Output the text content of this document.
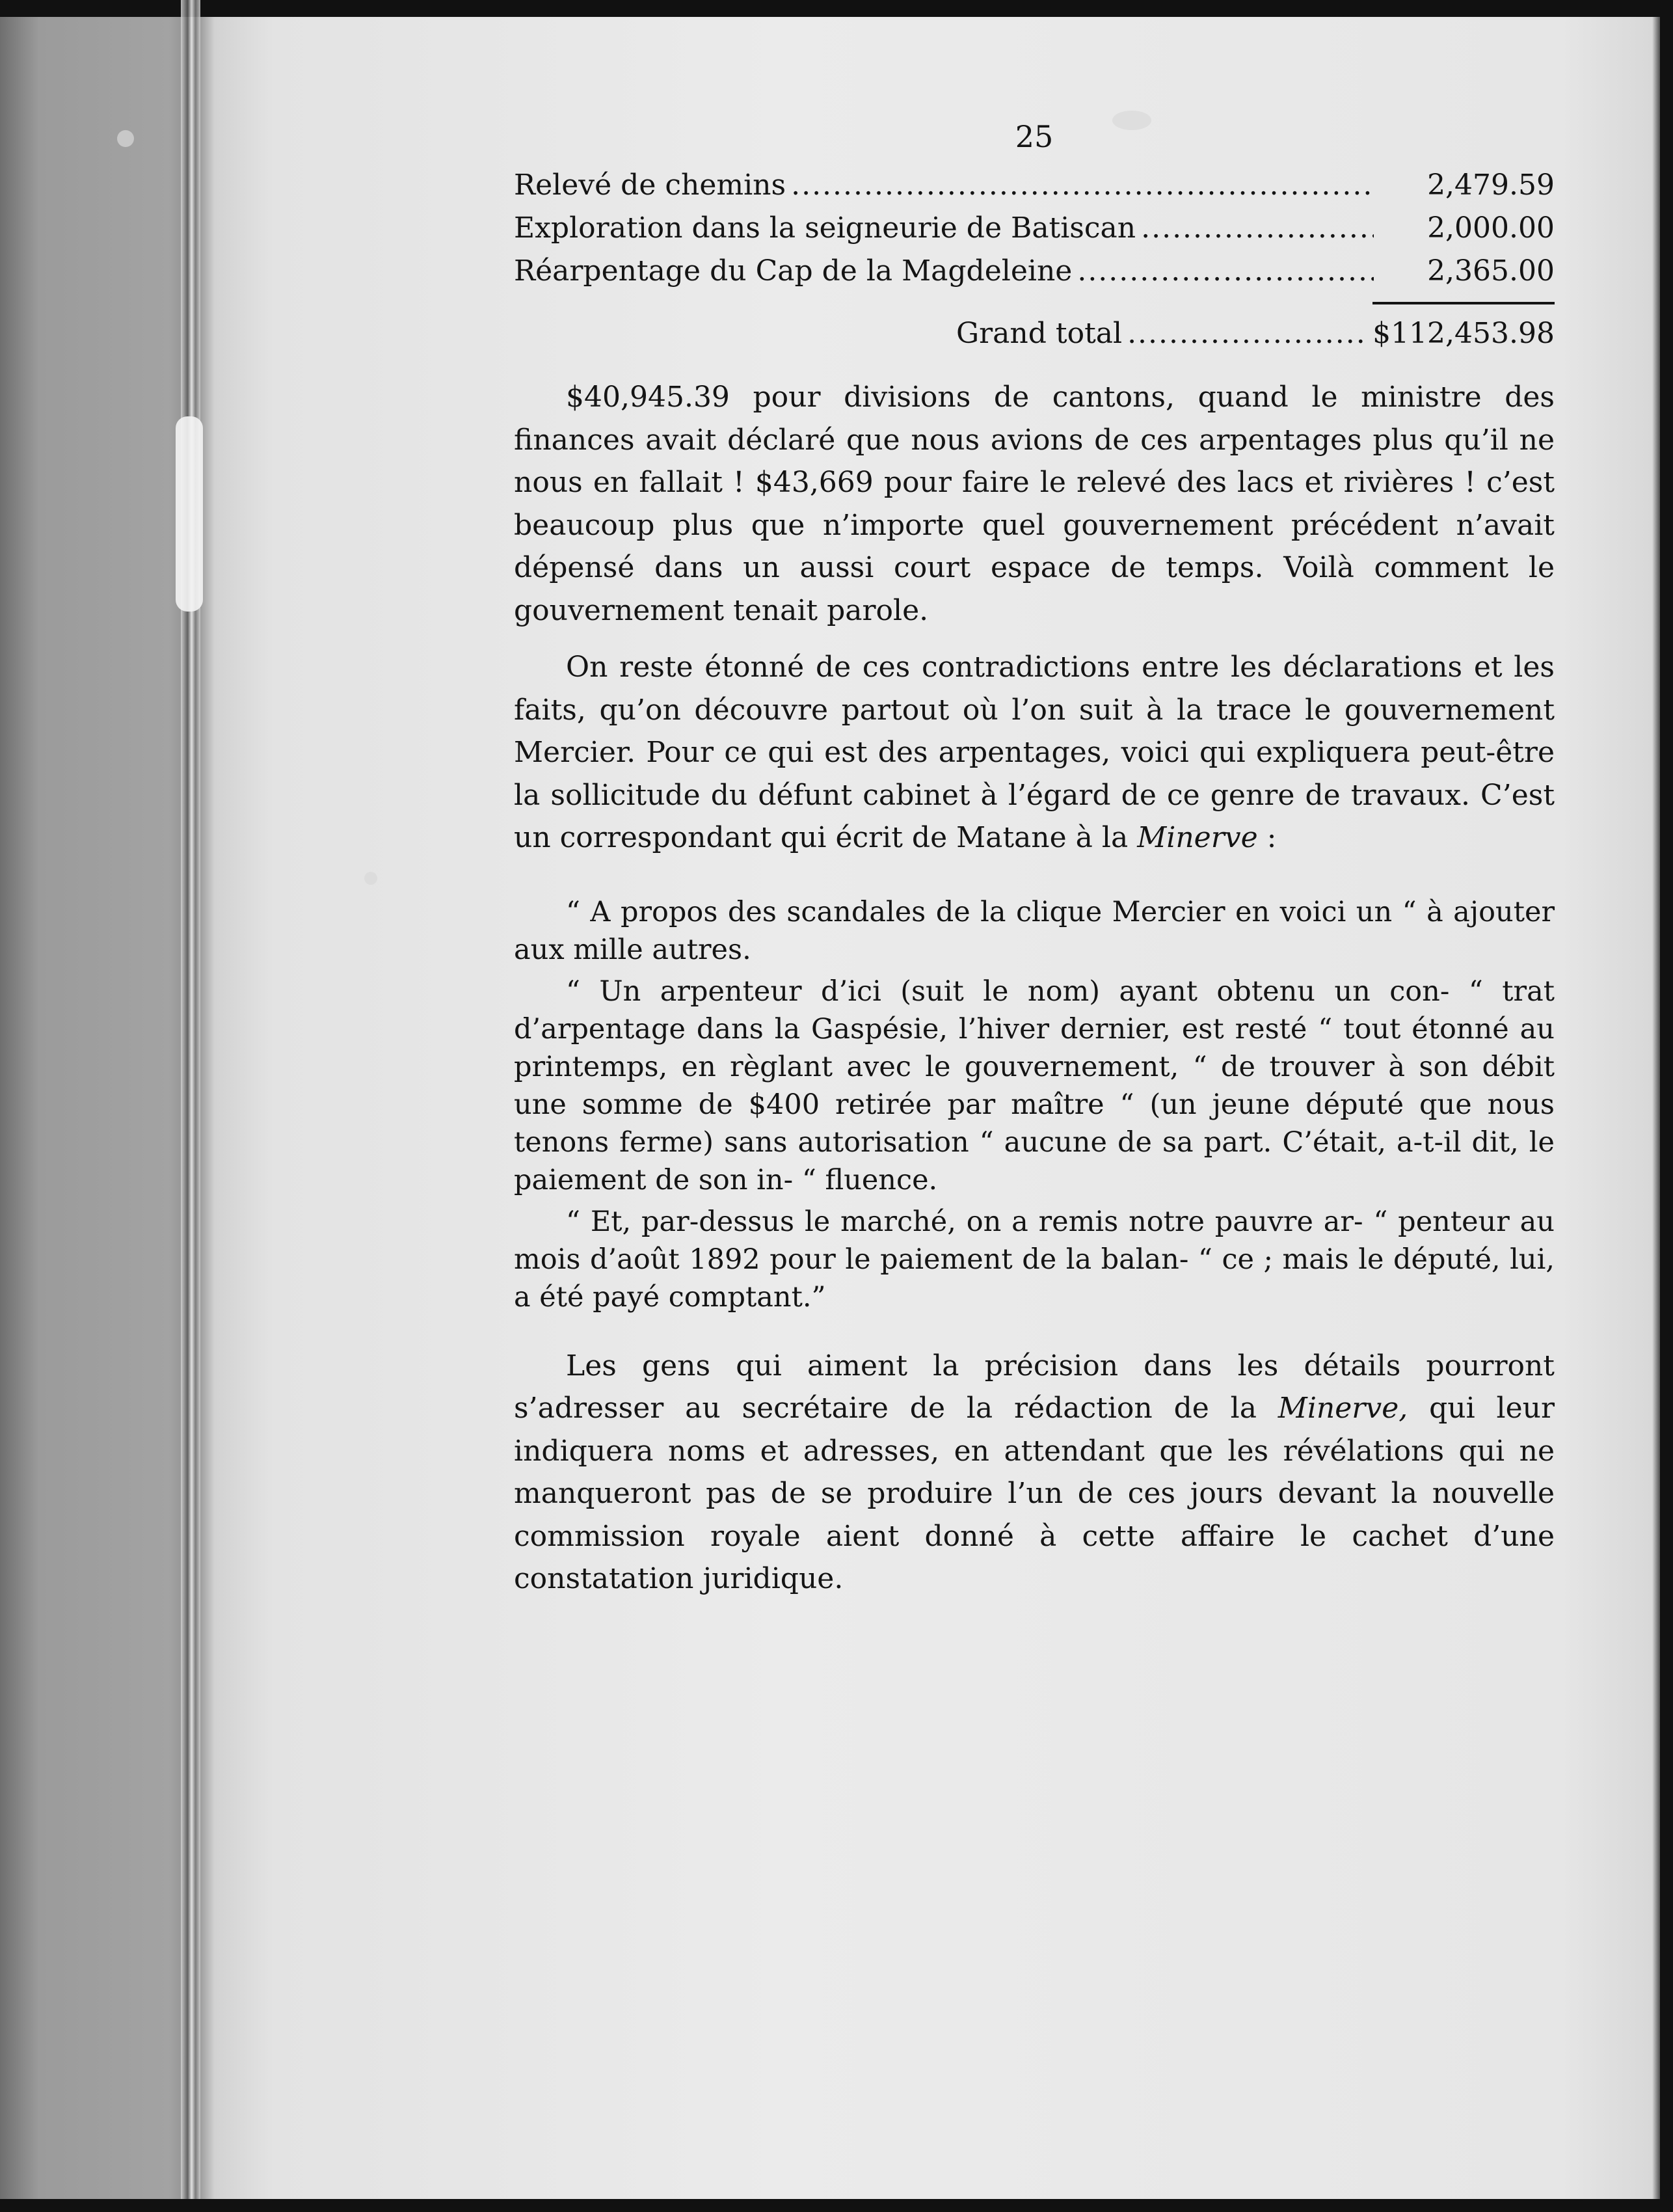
25
Relevé de chemins .....	2,479.59
Exploration dans la seigneurie de Batiscan .....	2,000.00
Réarpentage du Cap de la Magdeleine .....	2,365.00
Grand total .....	$112,453.98

$40,945.39 pour divisions de cantons, quand le ministre des finances avait déclaré que nous avions de ces arpentages plus qu’il ne nous en fallait ! $43,669 pour faire le relevé des lacs et rivières ! c’est beaucoup plus que n’importe quel gouvernement précédent n’avait dépensé dans un aussi court espace de temps. Voilà comment le gouvernement tenait parole.

On reste étonné de ces contradictions entre les déclarations et les faits, qu’on découvre partout où l’on suit à la trace le gouvernement Mercier. Pour ce qui est des arpentages, voici qui expliquera peut-être la sollicitude du défunt cabinet à l’égard de ce genre de travaux. C’est un correspondant qui écrit de Matane à la Minerve :

“ A propos des scandales de la clique Mercier en voici un “ à ajouter aux mille autres.

“ Un arpenteur d’ici (suit le nom) ayant obtenu un con- “ trat d’arpentage dans la Gaspésie, l’hiver dernier, est resté “ tout étonné au printemps, en règlant avec le gouvernement, “ de trouver à son débit une somme de $400 retirée par maître “ (un jeune député que nous tenons ferme) sans autorisation “ aucune de sa part. C’était, a-t-il dit, le paiement de son in- “ fluence.

“ Et, par-dessus le marché, on a remis notre pauvre ar- “ penteur au mois d’août 1892 pour le paiement de la balan- “ ce ; mais le député, lui, a été payé comptant.”

Les gens qui aiment la précision dans les détails pourront s’adresser au secrétaire de la rédaction de la Minerve, qui leur indiquera noms et adresses, en attendant que les révélations qui ne manqueront pas de se produire l’un de ces jours devant la nouvelle commission royale aient donné à cette affaire le cachet d’une constatation juridique.
